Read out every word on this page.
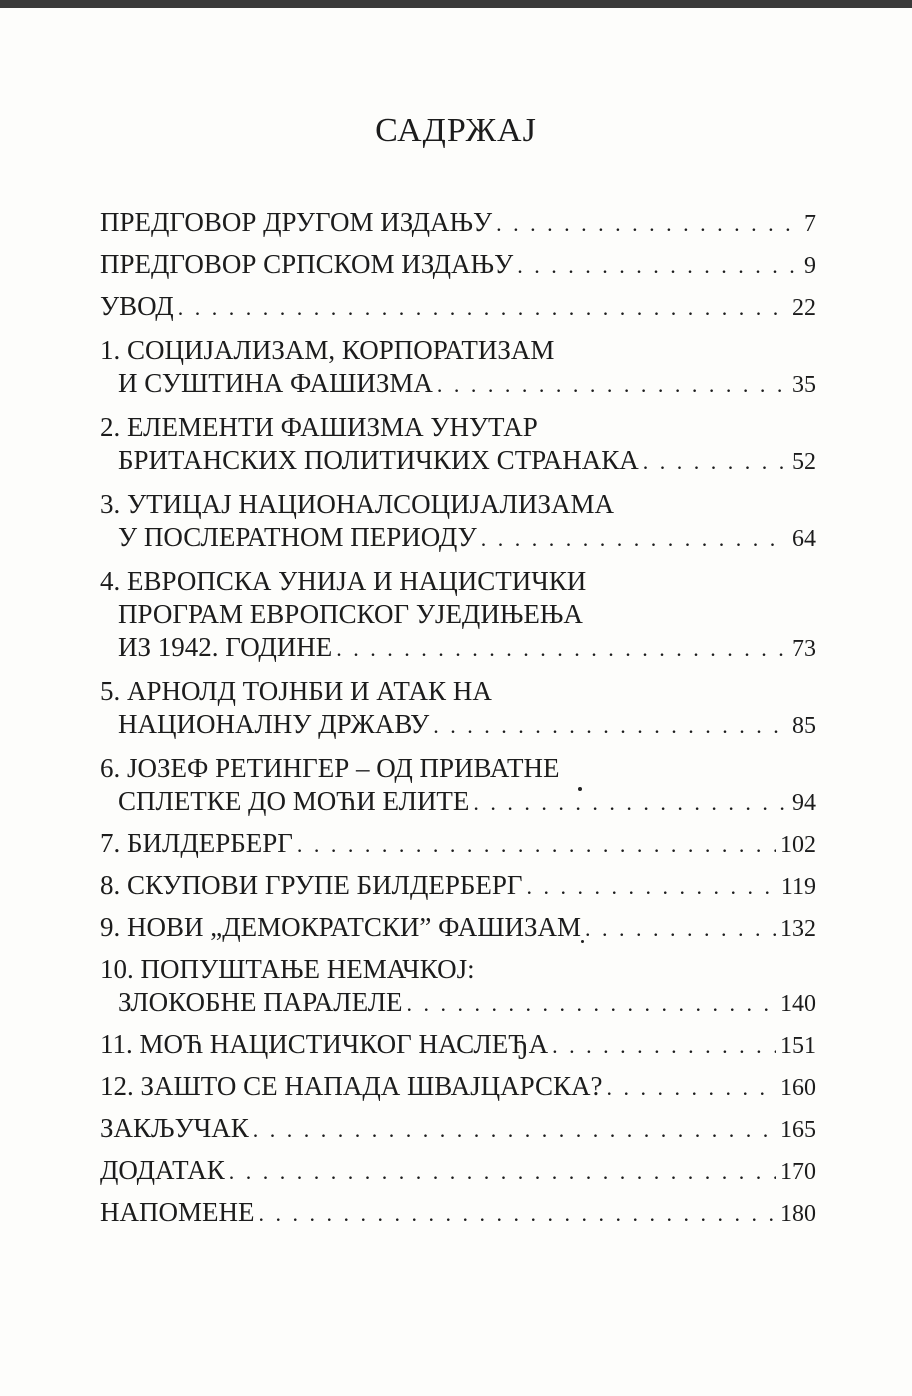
САДРЖАЈ
ПРЕДГОВОР ДРУГОМ ИЗДАЊУ . . .	7
ПРЕДГОВОР СРПСКОМ ИЗДАЊУ . . .	9
УВОД . . .	22
1. СОЦИЈАЛИЗАМ, КОРПОРАТИЗАМ
И СУШТИНА ФАШИЗМА . . .	35
2. ЕЛЕМЕНТИ ФАШИЗМА УНУТАР
БРИТАНСКИХ ПОЛИТИЧКИХ СТРАНАКА . . .	52
3. УТИЦАЈ НАЦИОНАЛСОЦИЈАЛИЗАМА
У ПОСЛЕРАТНОМ ПЕРИОДУ . . .	64
4. ЕВРОПСКА УНИЈА И НАЦИСТИЧКИ
ПРОГРАМ ЕВРОПСКОГ УЈЕДИЊЕЊА
ИЗ 1942. ГОДИНЕ . . .	73
5. АРНОЛД ТОЈНБИ И АТАК НА
НАЦИОНАЛНУ ДРЖАВУ . . .	85
6. ЈОЗЕФ РЕТИНГЕР – ОД ПРИВАТНЕ
СПЛЕТКЕ ДО МОЋИ ЕЛИТЕ . . .	94
7. БИЛДЕРБЕРГ . . .	102
8. СКУПОВИ ГРУПЕ БИЛДЕРБЕРГ . . .	119
9. НОВИ „ДЕМОКРАТСКИ” ФАШИЗАМ . . .	132
10. ПОПУШТАЊЕ НЕМАЧКОЈ:
ЗЛОКОБНЕ ПАРАЛЕЛЕ . . .	140
11. МОЋ НАЦИСТИЧКОГ НАСЛЕЂА . . .	151
12. ЗАШТО СЕ НАПАДА ШВАЈЦАРСКА? . . .	160
ЗАКЉУЧАК . . .	165
ДОДАТАК . . .	170
НАПОМЕНЕ . . .	180
